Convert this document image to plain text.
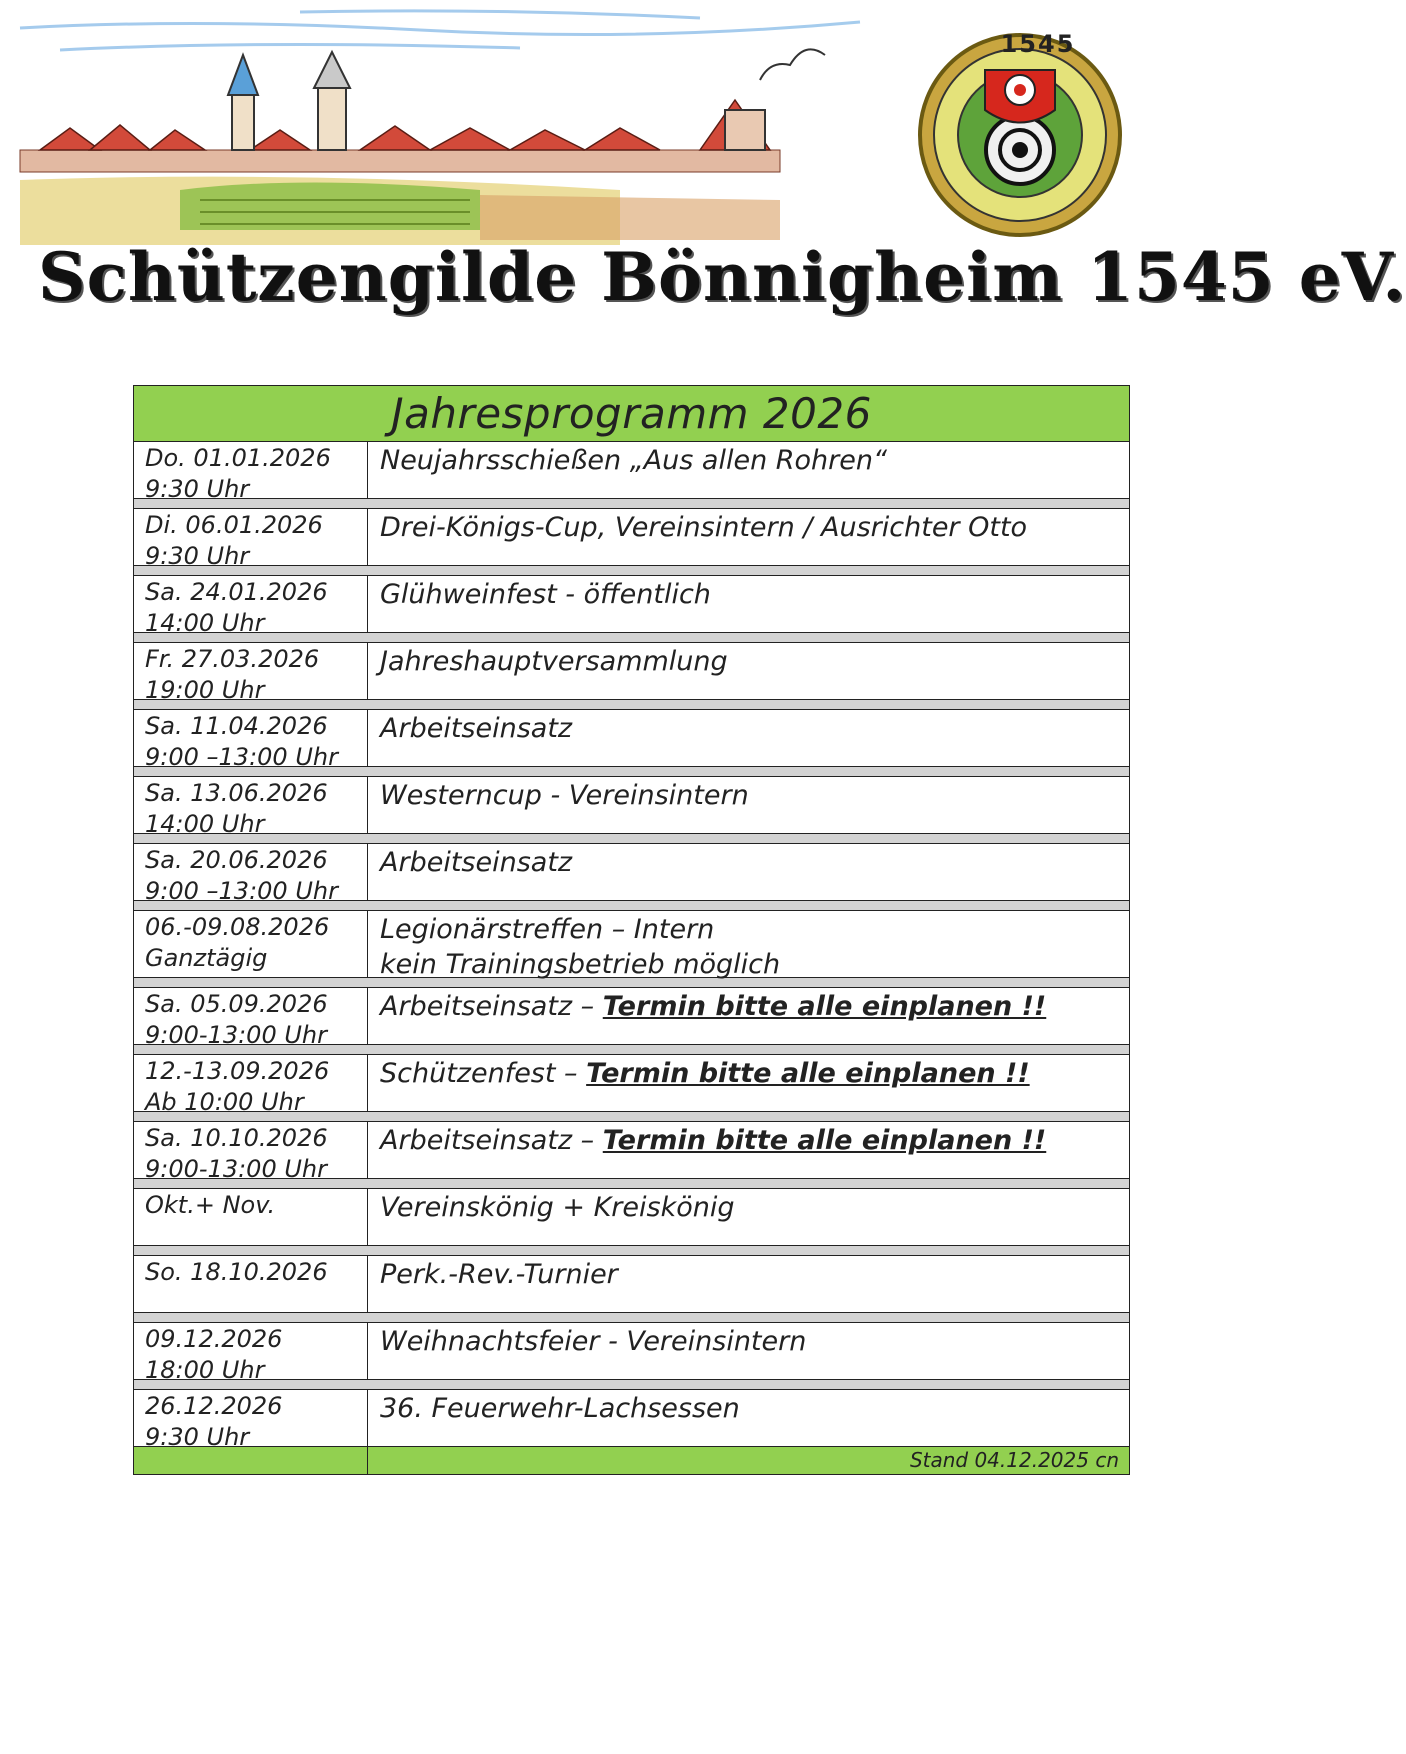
1545
Schützengilde Bönnigheim 1545 eV.
Jahresprogramm 2026
Do. 01.01.2026
9:30 Uhr
Neujahrsschießen „Aus allen Rohren“
Di. 06.01.2026
9:30 Uhr
Drei-Königs-Cup, Vereinsintern / Ausrichter Otto
Sa. 24.01.2026
14:00 Uhr
Glühweinfest - öffentlich
Fr. 27.03.2026
19:00 Uhr
Jahreshauptversammlung
Sa. 11.04.2026
9:00 –13:00 Uhr
Arbeitseinsatz
Sa. 13.06.2026
14:00 Uhr
Westerncup - Vereinsintern
Sa. 20.06.2026
9:00 –13:00 Uhr
Arbeitseinsatz
06.-09.08.2026
Ganztägig
Legionärstreffen – Intern
kein Trainingsbetrieb möglich
Sa. 05.09.2026
9:00-13:00 Uhr
Arbeitseinsatz – Termin bitte alle einplanen !!
12.-13.09.2026
Ab 10:00 Uhr
Schützenfest – Termin bitte alle einplanen !!
Sa. 10.10.2026
9:00-13:00 Uhr
Arbeitseinsatz – Termin bitte alle einplanen !!
Okt.+ Nov.	Vereinskönig + Kreiskönig
So. 18.10.2026	Perk.-Rev.-Turnier
09.12.2026
18:00 Uhr
Weihnachtsfeier - Vereinsintern
26.12.2026
9:30 Uhr
36. Feuerwehr-Lachsessen
Stand 04.12.2025 cn
